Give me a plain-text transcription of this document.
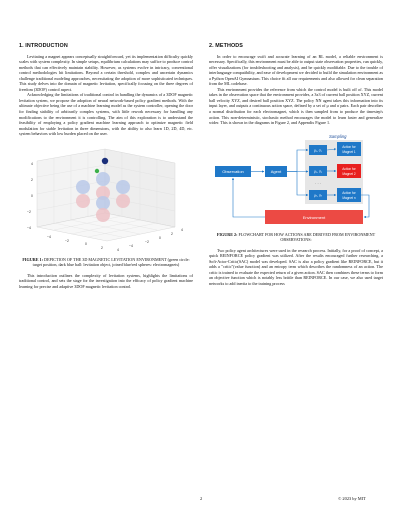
1. INTRODUCTION

Levitating a magnet appears conceptually straightforward, yet its implementation difficulty quickly scales with system complexity. In simple setups, equilibrium calculations may suffice to produce control methods that can effectively maintain stability. However, as systems evolve in intricacy, conventional control methodologies hit limitations. Beyond a certain threshold, complex and uncertain dynamics challenge traditional modeling approaches, necessitating the adoption of more sophisticated techniques. This study delves into the domain of magnetic levitation, specifically focusing on the three degrees of freedom (3DOF) control aspect.

Acknowledging the limitations of traditional control in handling the dynamics of a 3DOF magnetic levitation system, we propose the adoption of neural network-based policy gradient methods. With the ultimate objective being the use of a machine learning model as the system controller, opening the door for finding stability of arbitrarily complex systems, with little rework necessary for handling any modifications to the environment it is controlling. The aim of this exploration is to understand the feasibility of employing a policy gradient machine learning approach to optimize magnetic field modulation for stable levitation in three dimensions, with the ability to also learn 1D, 2D, 4D, etc. system behaviors with low burden placed on the user.

4
2
0
−2
−4
−4
−2
0
2	4
−4
−2
0
2
4

FIGURE 1: DEPICTION OF THE 3D MAGNETIC LEVITATION ENVIRONMENT (green circle: target position, dark blue ball: levitation object, joined blue/red spheres: electromagnets)

This introduction outlines the complexity of levitation systems, highlights the limitations of traditional control, and sets the stage for the investigation into the efficacy of policy gradient machine learning for precise and adaptive 3DOF magnetic levitation control.

2. METHODS

In order to encourage swift and accurate learning of an RL model, a reliable environment is necessary. Specifically, this environment must be able to output state observation properties, run quickly, offer visualizations (for troubleshooting and analysis), and be quickly modifiable. Due to the trouble of interlanguage compatibility, and ease of development we decided to build the simulation environment as a Python OpenAI Gymnasium. This choice fit all our requirements and also allowed for clean separation from the ML codebase.

This environment provides the reference from which the control model is built off of. This model takes in the observation space that the environment provides, a 3x3 of current ball position XYZ, current ball velocity XYZ, and desired ball position XYZ. The policy NN agent takes this information into its input layer, and outputs a continuous action space, defined by a set of μ and σ pairs. Each pair describes a normal distribution for each electromagnet, which is then sampled from to produce the timestep's action. This non-deterministic, stochastic method encourages the model to learn faster and generalize wider. This is shown in the diagrams in Figure 2, and Appendix Figure 1.

Sampling
Observation	Agent
μ₁, σ₁
μ₂, σ₂
. . .
μₙ, σₙ
Action for
Magnet 1
Action for
Magnet 2
Action for
Magnet n
Environment

FIGURE 2: FLOWCHART FOR HOW ACTIONS ARE DERIVED FROM ENVIRONMENT OBSERVATIONS:

Two policy agent architectures were used in the research process. Initially, for a proof of concept, a quick REINFORCE policy gradient was utilized. After the results encouraged further researching, a Soft-Actor-Critic(SAC) model was developed. SAC is also a policy gradient like REINFORCE, but it adds a "critic"(value function) and an entropy term which describes the randomness of an action. The critic is trained to evaluate the expected return of a given action. SAC then combines these terms to form an objective function which is notably less brittle than REINFORCE. In our case, we also used target networks to add inertia to the training process

2	© 2023 by MIT
